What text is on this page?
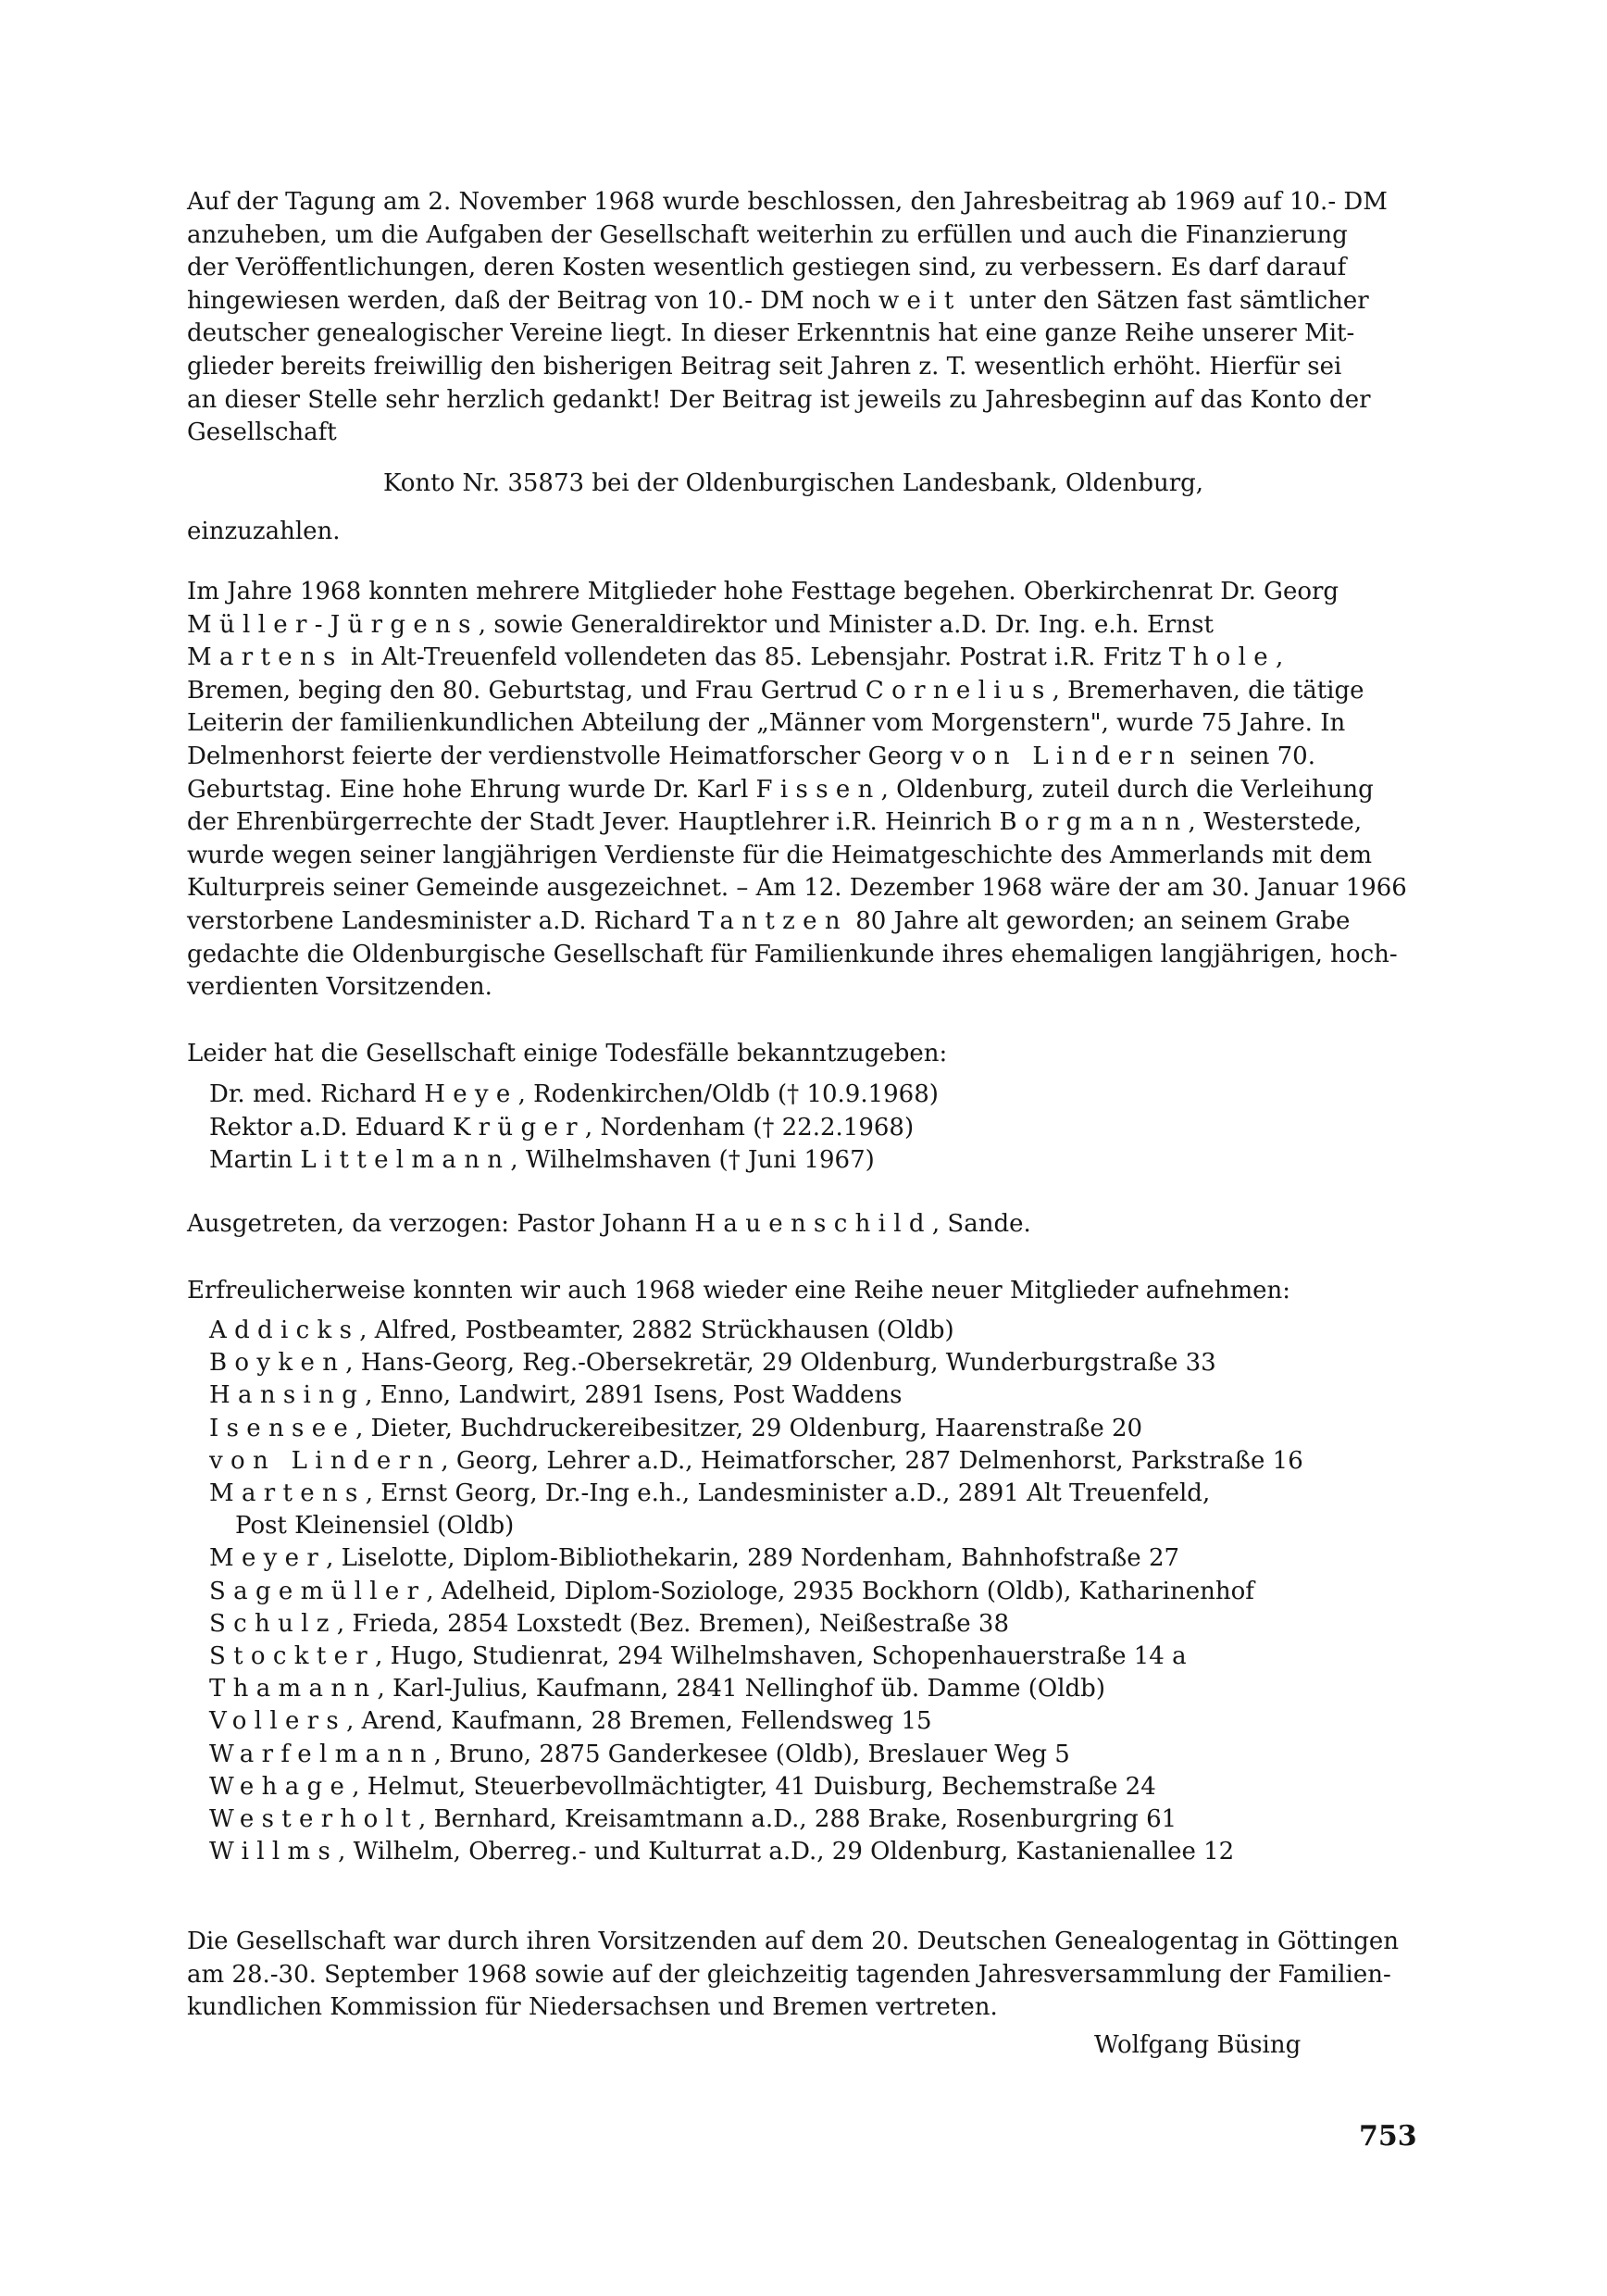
Auf der Tagung am 2. November 1968 wurde beschlossen, den Jahresbeitrag ab 1969 auf 10.- DM

anzuheben, um die Aufgaben der Gesellschaft weiterhin zu erfüllen und auch die Finanzierung

der Veröffentlichungen, deren Kosten wesentlich gestiegen sind, zu verbessern. Es darf darauf

hingewiesen werden, daß der Beitrag von 10.- DM noch weit unter den Sätzen fast sämtlicher

deutscher genealogischer Vereine liegt. In dieser Erkenntnis hat eine ganze Reihe unserer Mit-

glieder bereits freiwillig den bisherigen Beitrag seit Jahren z. T. wesentlich erhöht. Hierfür sei

an dieser Stelle sehr herzlich gedankt! Der Beitrag ist jeweils zu Jahresbeginn auf das Konto der

Gesellschaft

Konto Nr. 35873 bei der Oldenburgischen Landesbank, Oldenburg,

einzuzahlen.

Im Jahre 1968 konnten mehrere Mitglieder hohe Festtage begehen. Oberkirchenrat Dr. Georg

Müller-Jürgens, sowie Generaldirektor und Minister a.D. Dr. Ing. e.h. Ernst

Martens in Alt-Treuenfeld vollendeten das 85. Lebensjahr. Postrat i.R. Fritz Thole,

Bremen, beging den 80. Geburtstag, und Frau Gertrud Cornelius, Bremerhaven, die tätige

Leiterin der familienkundlichen Abteilung der „Männer vom Morgenstern", wurde 75 Jahre. In

Delmenhorst feierte der verdienstvolle Heimatforscher Georg von Lindern seinen 70.

Geburtstag. Eine hohe Ehrung wurde Dr. Karl Fissen, Oldenburg, zuteil durch die Verleihung

der Ehrenbürgerrechte der Stadt Jever. Hauptlehrer i.R. Heinrich Borgmann, Westerstede,

wurde wegen seiner langjährigen Verdienste für die Heimatgeschichte des Ammerlands mit dem

Kulturpreis seiner Gemeinde ausgezeichnet. – Am 12. Dezember 1968 wäre der am 30. Januar 1966

verstorbene Landesminister a.D. Richard Tantzen 80 Jahre alt geworden; an seinem Grabe

gedachte die Oldenburgische Gesellschaft für Familienkunde ihres ehemaligen langjährigen, hoch-

verdienten Vorsitzenden.

Leider hat die Gesellschaft einige Todesfälle bekanntzugeben:

Dr. med. Richard Heye, Rodenkirchen/Oldb († 10.9.1968)

Rektor a.D. Eduard Krüger, Nordenham († 22.2.1968)

Martin Littelmann, Wilhelmshaven († Juni 1967)

Ausgetreten, da verzogen: Pastor Johann Hauenschild, Sande.

Erfreulicherweise konnten wir auch 1968 wieder eine Reihe neuer Mitglieder aufnehmen:

Addicks, Alfred, Postbeamter, 2882 Strückhausen (Oldb)

Boyken, Hans-Georg, Reg.-Obersekretär, 29 Oldenburg, Wunderburgstraße 33

Hansing, Enno, Landwirt, 2891 Isens, Post Waddens

Isensee, Dieter, Buchdruckereibesitzer, 29 Oldenburg, Haarenstraße 20

von Lindern, Georg, Lehrer a.D., Heimatforscher, 287 Delmenhorst, Parkstraße 16

Martens, Ernst Georg, Dr.-Ing e.h., Landesminister a.D., 2891 Alt Treuenfeld,

Post Kleinensiel (Oldb)

Meyer, Liselotte, Diplom-Bibliothekarin, 289 Nordenham, Bahnhofstraße 27

Sagemüller, Adelheid, Diplom-Soziologe, 2935 Bockhorn (Oldb), Katharinenhof

Schulz, Frieda, 2854 Loxstedt (Bez. Bremen), Neißestraße 38

Stockter, Hugo, Studienrat, 294 Wilhelmshaven, Schopenhauerstraße 14 a

Thamann, Karl-Julius, Kaufmann, 2841 Nellinghof üb. Damme (Oldb)

Vollers, Arend, Kaufmann, 28 Bremen, Fellendsweg 15

Warfelmann, Bruno, 2875 Ganderkesee (Oldb), Breslauer Weg 5

Wehage, Helmut, Steuerbevollmächtigter, 41 Duisburg, Bechemstraße 24

Westerholt, Bernhard, Kreisamtmann a.D., 288 Brake, Rosenburgring 61

Willms, Wilhelm, Oberreg.- und Kulturrat a.D., 29 Oldenburg, Kastanienallee 12

Die Gesellschaft war durch ihren Vorsitzenden auf dem 20. Deutschen Genealogentag in Göttingen

am 28.-30. September 1968 sowie auf der gleichzeitig tagenden Jahresversammlung der Familien-

kundlichen Kommission für Niedersachsen und Bremen vertreten.

Wolfgang Büsing

753
